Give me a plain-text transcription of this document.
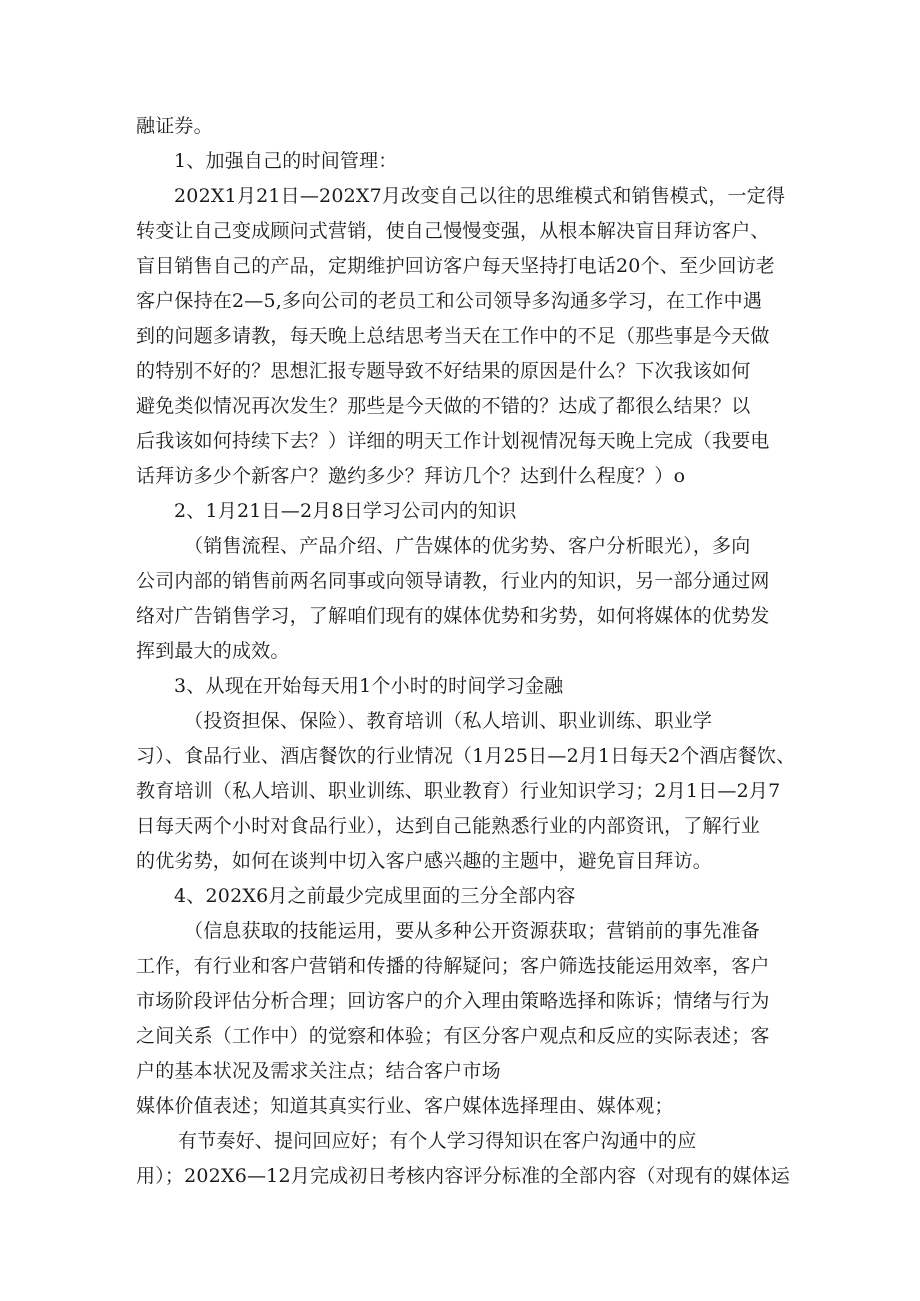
融证券。
1、加强自己的时间管理：
202X1月21日—202X7月改变自己以往的思维模式和销售模式，一定得
转变让自己变成顾问式营销，使自己慢慢变强，从根本解决盲目拜访客户、
盲目销售自己的产品，定期维护回访客户每天坚持打电话20个、至少回访老
客户保持在2—5,多向公司的老员工和公司领导多沟通多学习，在工作中遇
到的问题多请教，每天晚上总结思考当天在工作中的不足（那些事是今天做
的特别不好的？思想汇报专题导致不好结果的原因是什么？下次我该如何
避免类似情况再次发生？那些是今天做的不错的？达成了都很么结果？以
后我该如何持续下去？）详细的明天工作计划视情况每天晚上完成（我要电
话拜访多少个新客户？邀约多少？拜访几个？达到什么程度？）o
2、1月21日—2月8日学习公司内的知识
（销售流程、产品介绍、广告媒体的优劣势、客户分析眼光），多向
公司内部的销售前两名同事或向领导请教，行业内的知识，另一部分通过网
络对广告销售学习，了解咱们现有的媒体优势和劣势，如何将媒体的优势发
挥到最大的成效。
3、从现在开始每天用1个小时的时间学习金融
（投资担保、保险）、教育培训（私人培训、职业训练、职业学
习）、食品行业、酒店餐饮的行业情况（1月25日—2月1日每天2个酒店餐饮、
教育培训（私人培训、职业训练、职业教育）行业知识学习；2月1日—2月7
日每天两个小时对食品行业），达到自己能熟悉行业的内部资讯，了解行业
的优劣势，如何在谈判中切入客户感兴趣的主题中，避免盲目拜访。
4、202X6月之前最少完成里面的三分全部内容
（信息获取的技能运用，要从多种公开资源获取；营销前的事先准备
工作，有行业和客户营销和传播的待解疑问；客户筛选技能运用效率，客户
市场阶段评估分析合理；回访客户的介入理由策略选择和陈诉；情绪与行为
之间关系（工作中）的觉察和体验；有区分客户观点和反应的实际表述；客
户的基本状况及需求关注点；结合客户市场
媒体价值表述；知道其真实行业、客户媒体选择理由、媒体观；
有节奏好、提问回应好；有个人学习得知识在客户沟通中的应
用）；202X6—12月完成初日考核内容评分标准的全部内容（对现有的媒体运
